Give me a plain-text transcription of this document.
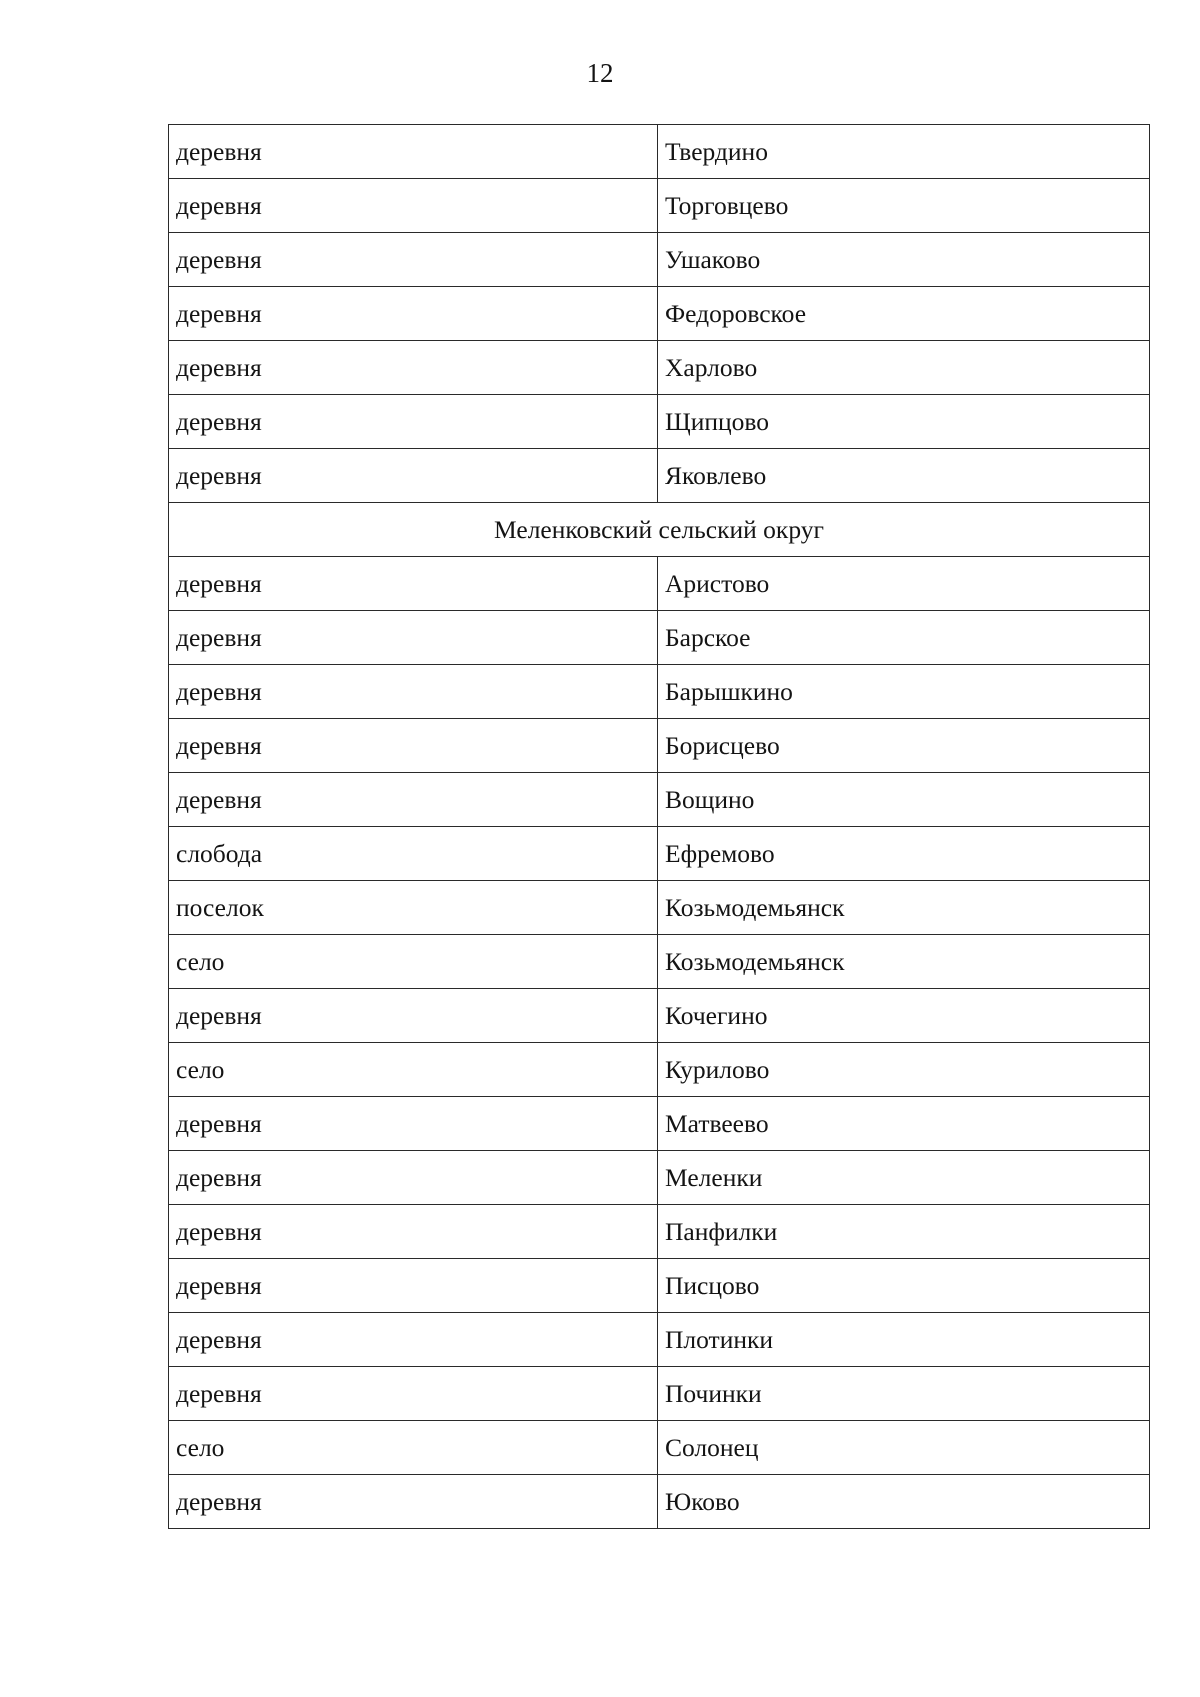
12
деревня	Твердино
деревня	Торговцево
деревня	Ушаково
деревня	Федоровское
деревня	Харлово
деревня	Щипцово
деревня	Яковлево
Меленковский сельский округ	
деревня	Аристово
деревня	Барское
деревня	Барышкино
деревня	Борисцево
деревня	Вощино
слобода	Ефремово
поселок	Козьмодемьянск
село	Козьмодемьянск
деревня	Кочегино
село	Курилово
деревня	Матвеево
деревня	Меленки
деревня	Панфилки
деревня	Писцово
деревня	Плотинки
деревня	Починки
село	Солонец
деревня	Юково
